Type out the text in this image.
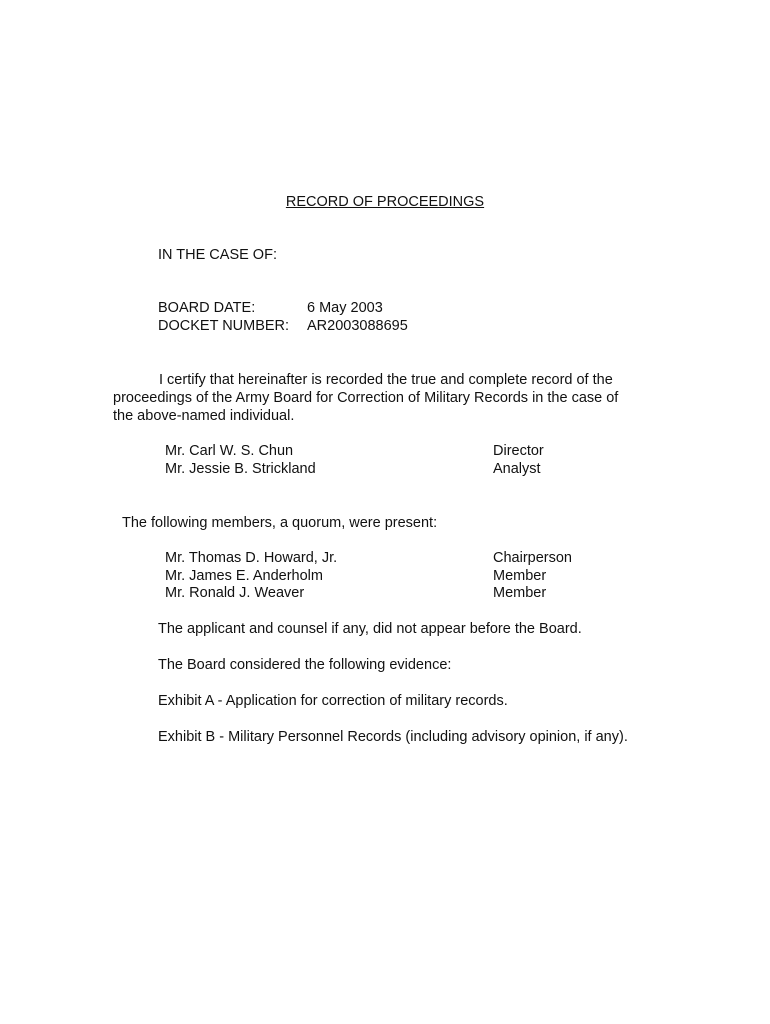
RECORD OF PROCEEDINGS
IN THE CASE OF:
BOARD DATE:	6 May 2003
DOCKET NUMBER: AR2003088695
I certify that hereinafter is recorded the true and complete record of the
proceedings of the Army Board for Correction of Military Records in the case of
the above-named individual.
Mr. Carl W. S. Chun	Director
Mr. Jessie B. Strickland	Analyst
The following members, a quorum, were present:
Mr. Thomas D. Howard, Jr.	Chairperson
Mr. James E. Anderholm	Member
Mr. Ronald J. Weaver	Member
The applicant and counsel if any, did not appear before the Board.
The Board considered the following evidence:
Exhibit A - Application for correction of military records.
Exhibit B - Military Personnel Records (including advisory opinion, if any).
